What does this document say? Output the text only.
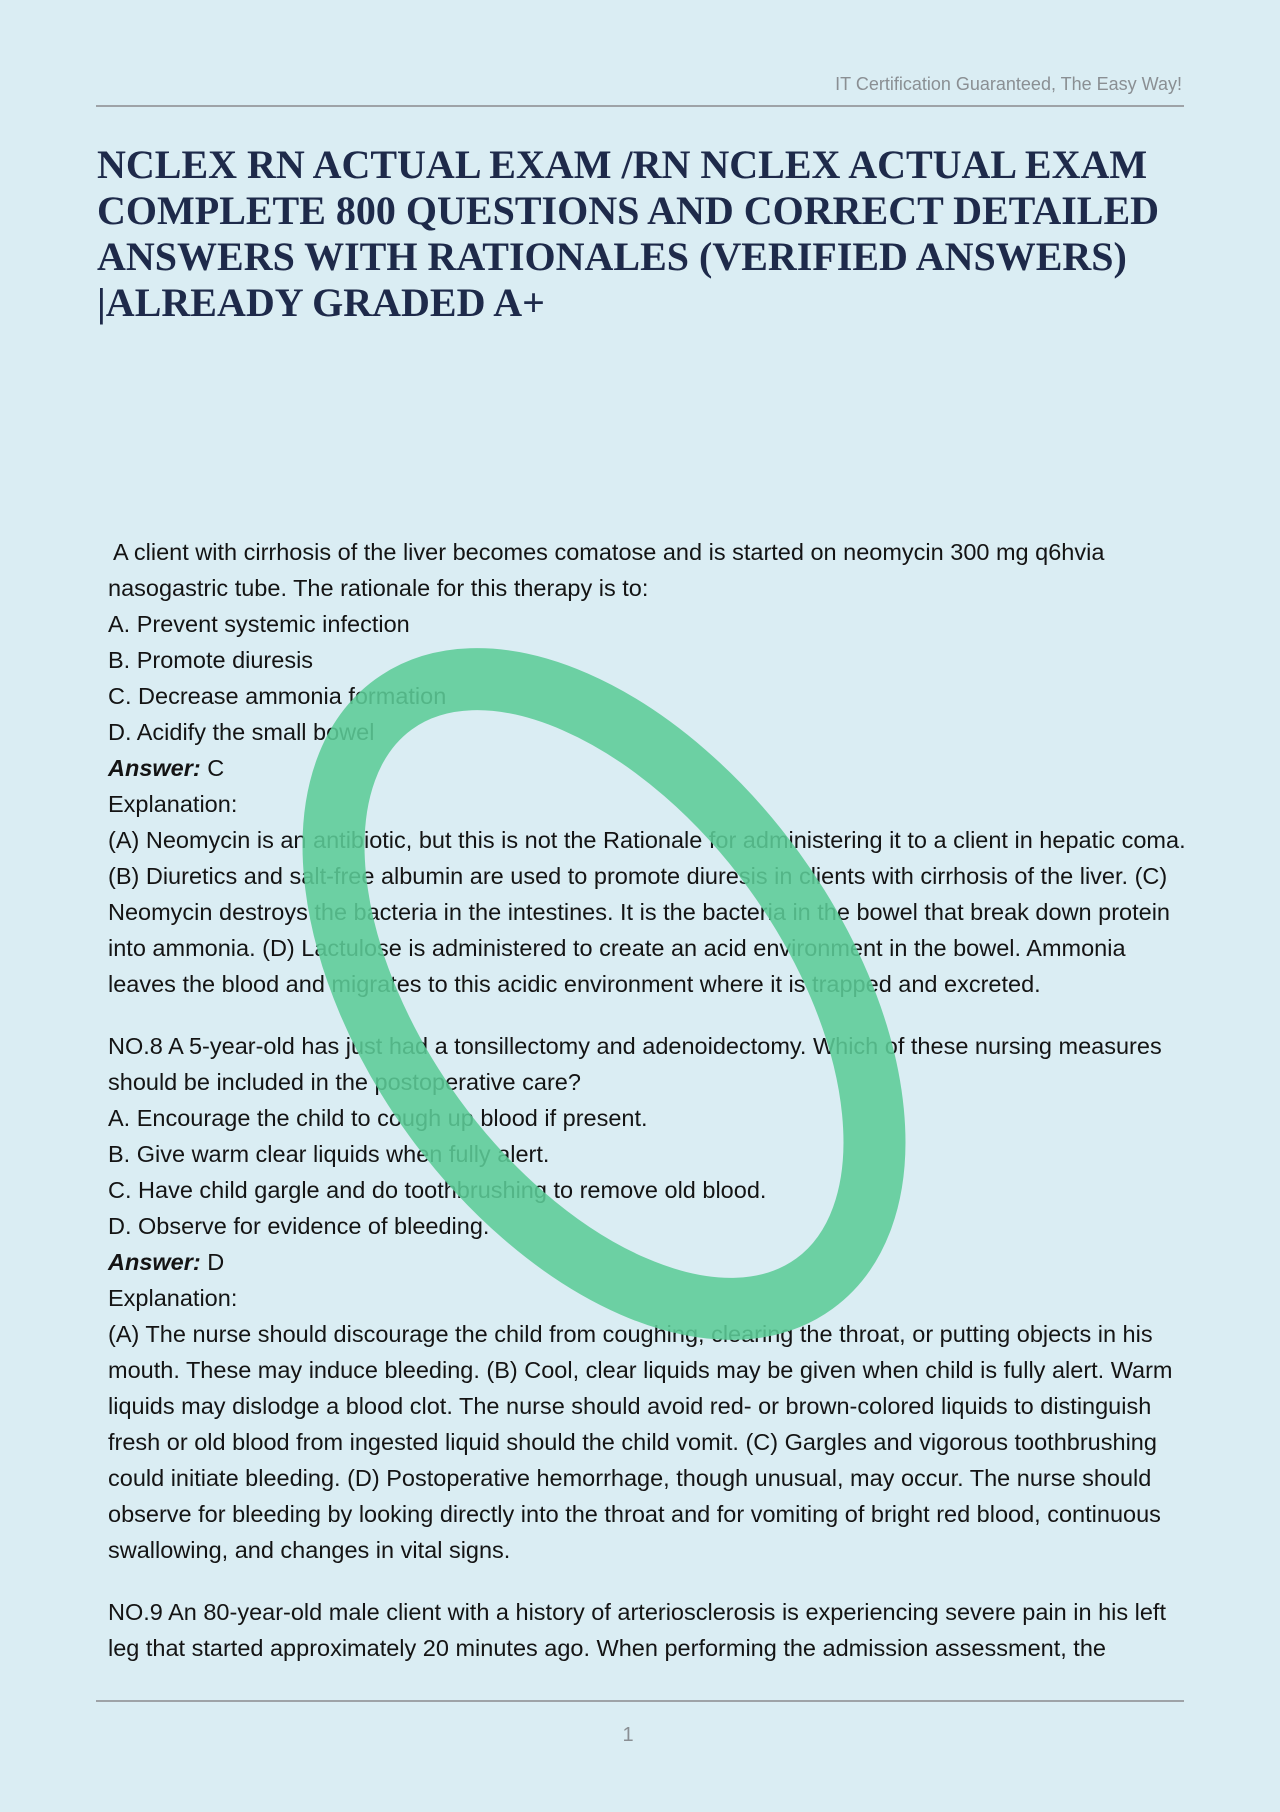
IT Certification Guaranteed, The Easy Way!
NCLEX RN ACTUAL EXAM /RN NCLEX ACTUAL EXAM COMPLETE 800 QUESTIONS AND CORRECT DETAILED ANSWERS WITH RATIONALES (VERIFIED ANSWERS) |ALREADY GRADED A+

A client with cirrhosis of the liver becomes comatose and is started on neomycin 300 mg q6hvia nasogastric tube. The rationale for this therapy is to:

A. Prevent systemic infection

B. Promote diuresis

C. Decrease ammonia formation

D. Acidify the small bowel

Answer: C

Explanation:

(A) Neomycin is an antibiotic, but this is not the Rationale for administering it to a client in hepatic coma. (B) Diuretics and salt-free albumin are used to promote diuresis in clients with cirrhosis of the liver. (C) Neomycin destroys the bacteria in the intestines. It is the bacteria in the bowel that break down protein into ammonia. (D) Lactulose is administered to create an acid environment in the bowel. Ammonia leaves the blood and migrates to this acidic environment where it is trapped and excreted.

NO.8 A 5-year-old has just had a tonsillectomy and adenoidectomy. Which of these nursing measures should be included in the postoperative care?

A. Encourage the child to cough up blood if present.

B. Give warm clear liquids when fully alert.

C. Have child gargle and do toothbrushing to remove old blood.

D. Observe for evidence of bleeding.

Answer: D

Explanation:

(A) The nurse should discourage the child from coughing, clearing the throat, or putting objects in his mouth. These may induce bleeding. (B) Cool, clear liquids may be given when child is fully alert. Warm liquids may dislodge a blood clot. The nurse should avoid red- or brown-colored liquids to distinguish fresh or old blood from ingested liquid should the child vomit. (C) Gargles and vigorous toothbrushing could initiate bleeding. (D) Postoperative hemorrhage, though unusual, may occur. The nurse should observe for bleeding by looking directly into the throat and for vomiting of bright red blood, continuous swallowing, and changes in vital signs.

NO.9 An 80-year-old male client with a history of arteriosclerosis is experiencing severe pain in his left leg that started approximately 20 minutes ago. When performing the admission assessment, the

1
